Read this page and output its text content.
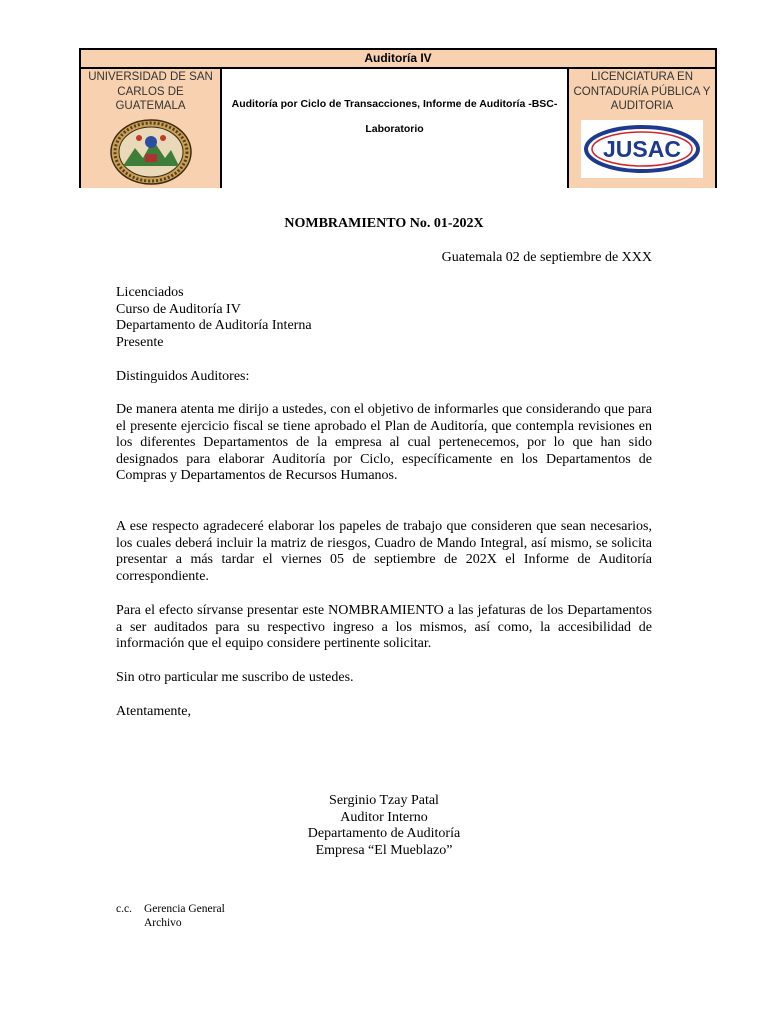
Auditoría IV
UNIVERSIDAD DE SAN CARLOS DE GUATEMALA	Auditoría por Ciclo de Transacciones, Informe de Auditoría -BSC-
Laboratorio
LICENCIATURA EN CONTADURÍA PÚBLICA Y AUDITORIA
JUSAC
NOMBRAMIENTO No. 01-202X
Guatemala 02 de septiembre de XXX
Licenciados
Curso de Auditoría IV
Departamento de Auditoría Interna
Presente
Distinguidos Auditores:

De manera atenta me dirijo a ustedes, con el objetivo de informarles que considerando que para el presente ejercicio fiscal se tiene aprobado el Plan de Auditoría, que contempla revisiones en los diferentes Departamentos de la empresa al cual pertenecemos, por lo que han sido designados para elaborar Auditoría por Ciclo, específicamente en los Departamentos de Compras y Departamentos de Recursos Humanos.

A ese respecto agradeceré elaborar los papeles de trabajo que consideren que sean necesarios, los cuales deberá incluir la matriz de riesgos, Cuadro de Mando Integral, así mismo, se solicita presentar a más tardar el viernes 05 de septiembre de 202X el Informe de Auditoría correspondiente.

Para el efecto sírvanse presentar este NOMBRAMIENTO a las jefaturas de los Departamentos a ser auditados para su respectivo ingreso a los mismos, así como, la accesibilidad de información que el equipo considere pertinente solicitar.

Sin otro particular me suscribo de ustedes.
Atentamente,
Serginio Tzay Patal
Auditor Interno
Departamento de Auditoría
Empresa “El Mueblazo”
c.c. Gerencia General
Archivo
